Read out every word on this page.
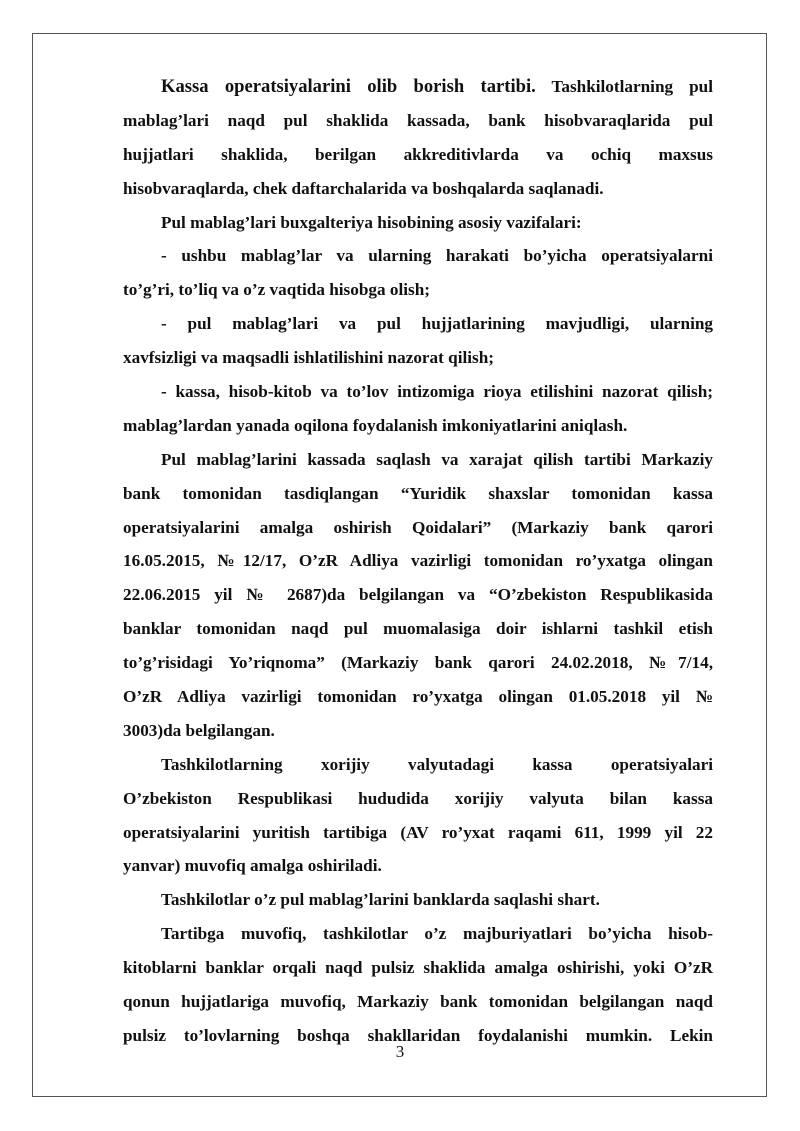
Kassa operatsiyalarini olib borish tartibi. Tashkilotlarning pul
mablag’lari naqd pul shaklida kassada, bank hisobvaraqlarida pul
hujjatlari shaklida, berilgan akkreditivlarda va ochiq maxsus
hisobvaraqlarda, chek daftarchalarida va boshqalarda saqlanadi.
Pul mablag’lari buxgalteriya hisobining asosiy vazifalari:
- ushbu mablag’lar va ularning harakati bo’yicha operatsiyalarni
to’g’ri, to’liq va o’z vaqtida hisobga olish;
- pul mablag’lari va pul hujjatlarining mavjudligi, ularning
xavfsizligi va maqsadli ishlatilishini nazorat qilish;
- kassa, hisob-kitob va to’lov intizomiga rioya etilishini nazorat qilish;
mablag’lardan yanada oqilona foydalanish imkoniyatlarini aniqlash.
Pul mablag’larini kassada saqlash va xarajat qilish tartibi Markaziy
bank tomonidan tasdiqlangan “Yuridik shaxslar tomonidan kassa
operatsiyalarini amalga oshirish Qoidalari” (Markaziy bank qarori
16.05.2015, №12/17, O’zR Adliya vazirligi tomonidan ro’yxatga olingan
22.06.2015 yil № 2687)da belgilangan va “O’zbekiston Respublikasida
banklar tomonidan naqd pul muomalasiga doir ishlarni tashkil etish
to’g’risidagi Yo’riqnoma” (Markaziy bank qarori 24.02.2018, №7/14,
O’zR Adliya vazirligi tomonidan ro’yxatga olingan 01.05.2018 yil №
3003)da belgilangan.
Tashkilotlarning xorijiy valyutadagi kassa operatsiyalari
O’zbekiston Respublikasi hududida xorijiy valyuta bilan kassa
operatsiyalarini yuritish tartibiga (AV ro’yxat raqami 611, 1999 yil 22
yanvar) muvofiq amalga oshiriladi.
Tashkilotlar o’z pul mablag’larini banklarda saqlashi shart.
Tartibga muvofiq, tashkilotlar o’z majburiyatlari bo’yicha hisob-
kitoblarni banklar orqali naqd pulsiz shaklida amalga oshirishi, yoki O’zR
qonun hujjatlariga muvofiq, Markaziy bank tomonidan belgilangan naqd
pulsiz to’lovlarning boshqa shakllaridan foydalanishi mumkin. Lekin
3
